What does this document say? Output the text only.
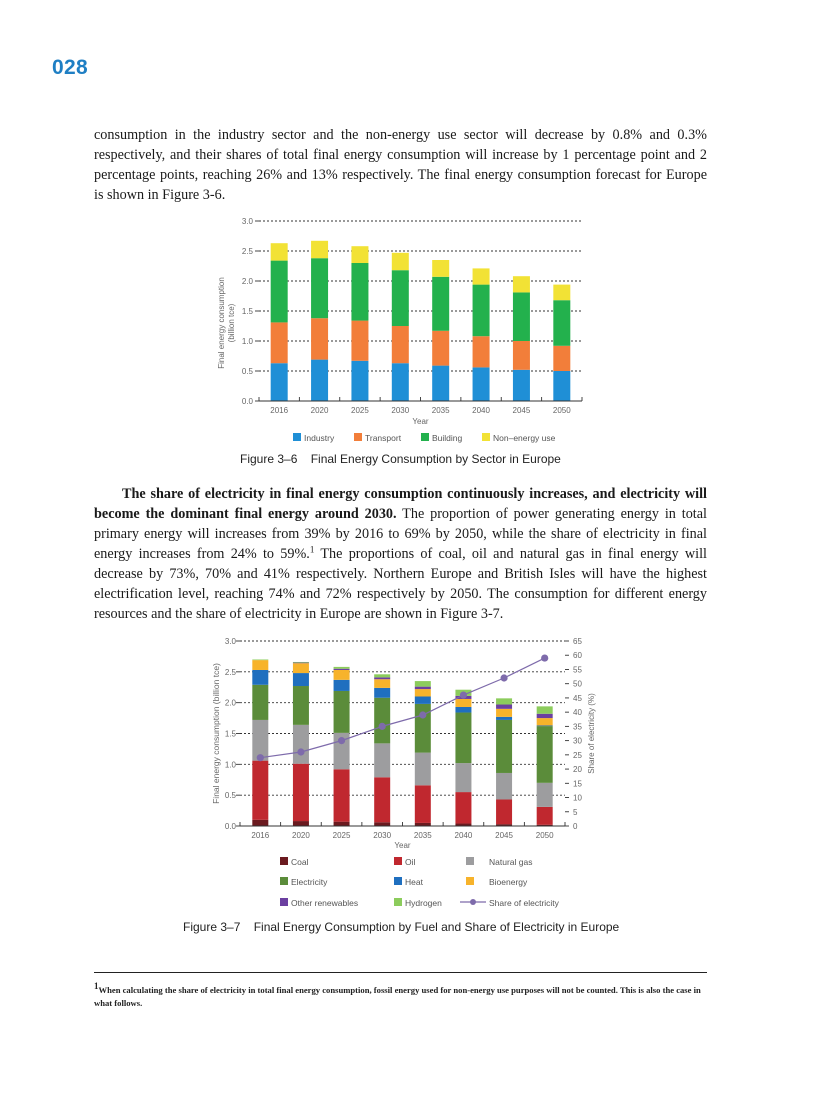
028
consumption in the industry sector and the non-energy use sector will decrease by 0.8% and 0.3% respectively, and their shares of total final energy consumption will increase by 1 percentage point and 2 percentage points, reaching 26% and 13% respectively. The final energy consumption forecast for Europe is shown in Figure 3-6.
0.0
0.5
1.0
1.5
2.0
2.5
3.0
2016	2020	2025	2030	2035	2040	2045	2050
Year
Final energy consumption(billion tce)
Industry	Transport	Building	Non–energy use
Figure 3–6    Final Energy Consumption by Sector in Europe
The share of electricity in final energy consumption continuously increases, and electricity will become the dominant final energy around 2030. The proportion of power generating energy in total primary energy will increases from 39% by 2016 to 69% by 2050, while the share of electricity in final energy increases from 24% to 59%.$^1$ The proportions of coal, oil and natural gas in final energy will decrease by 73%, 70% and 41% respectively. Northern Europe and British Isles will have the highest electrification level, reaching 74% and 72% respectively by 2050. The consumption for different energy resources and the share of electricity in Europe are shown in Figure 3-7.
0.0
0.5
1.0
1.5
2.0
2.5
3.0
0
5
10
15
20
25
30
35
40
45
50
55
60
65
2016	2020	2025	2030	2035	2040	2045	2050
Year
Final energy consumption (billion tce)	Share of electricity (%)
Coal	Oil	Natural gas
Electricity	Heat	Bioenergy
Other renewables	Hydrogen	Share of electricity
Figure 3–7    Final Energy Consumption by Fuel and Share of Electricity in Europe
$^1$When calculating the share of electricity in total final energy consumption, fossil energy used for non-energy use purposes will not be counted. This is also the case in what follows.
